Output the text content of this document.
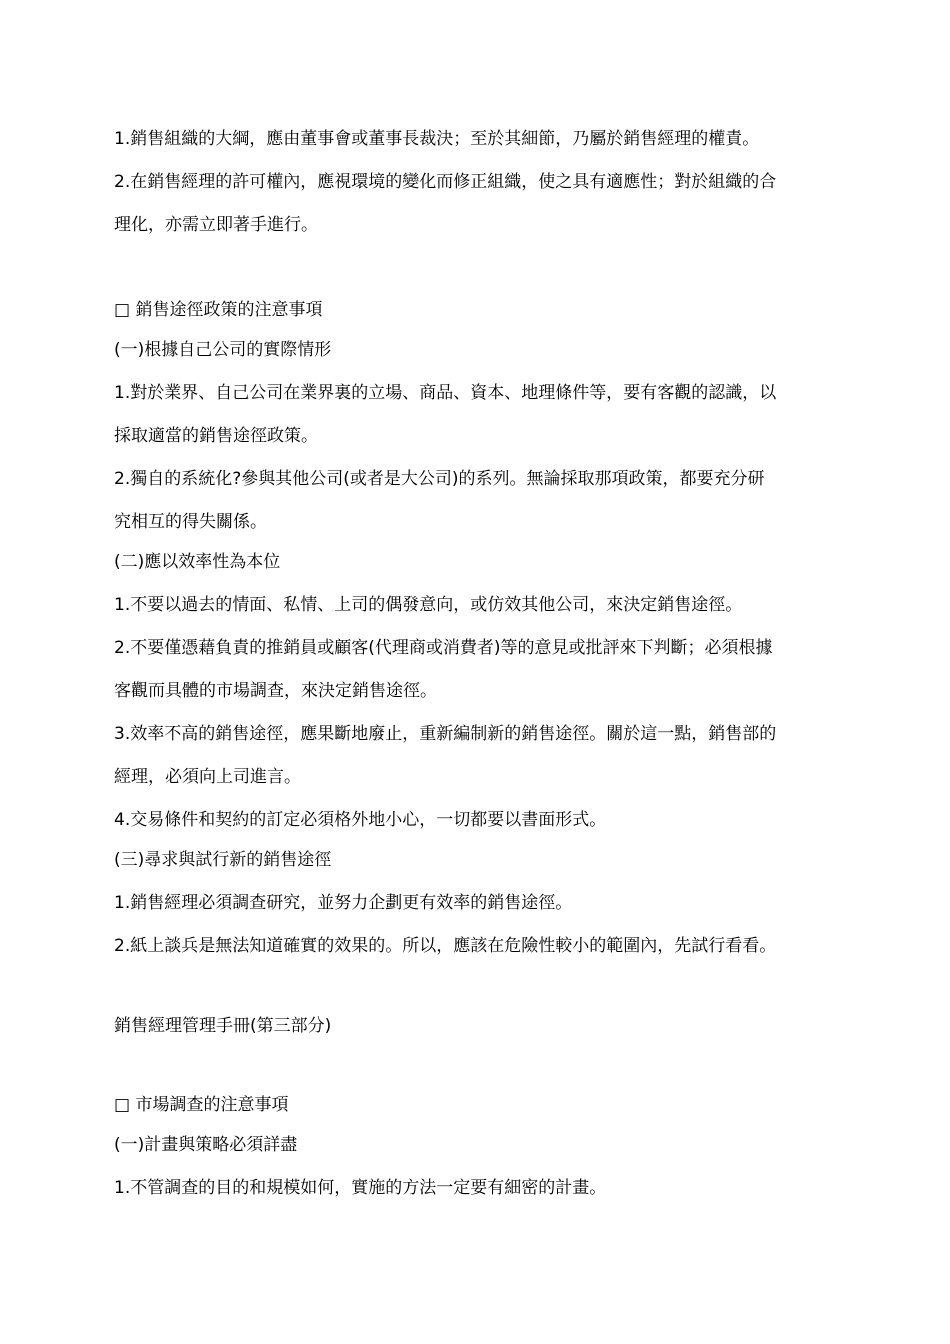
1.銷售組織的大綱，應由董事會或董事長裁決；至於其細節，乃屬於銷售經理的權責。

2.在銷售經理的許可權內，應視環境的變化而修正組織，使之具有適應性；對於組織的合

理化，亦需立即著手進行。

□ 銷售途徑政策的注意事項

(一)根據自己公司的實際情形

1.對於業界、自己公司在業界裏的立場、商品、資本、地理條件等，要有客觀的認識，以

採取適當的銷售途徑政策。

2.獨自的系統化?參與其他公司(或者是大公司)的系列。無論採取那項政策，都要充分研

究相互的得失關係。

(二)應以效率性為本位

1.不要以過去的情面、私情、上司的偶發意向，或仿效其他公司，來決定銷售途徑。

2.不要僅憑藉負責的推銷員或顧客(代理商或消費者)等的意見或批評來下判斷；必須根據

客觀而具體的市場調查，來決定銷售途徑。

3.效率不高的銷售途徑，應果斷地廢止，重新編制新的銷售途徑。關於這一點，銷售部的

經理，必須向上司進言。

4.交易條件和契約的訂定必須格外地小心，一切都要以書面形式。

(三)尋求與試行新的銷售途徑

1.銷售經理必須調查研究，並努力企劃更有效率的銷售途徑。

2.紙上談兵是無法知道確實的效果的。所以，應該在危險性較小的範圍內，先試行看看。

銷售經理管理手冊(第三部分)

□ 市場調查的注意事項

(一)計畫與策略必須詳盡

1.不管調查的目的和規模如何，實施的方法一定要有細密的計畫。
